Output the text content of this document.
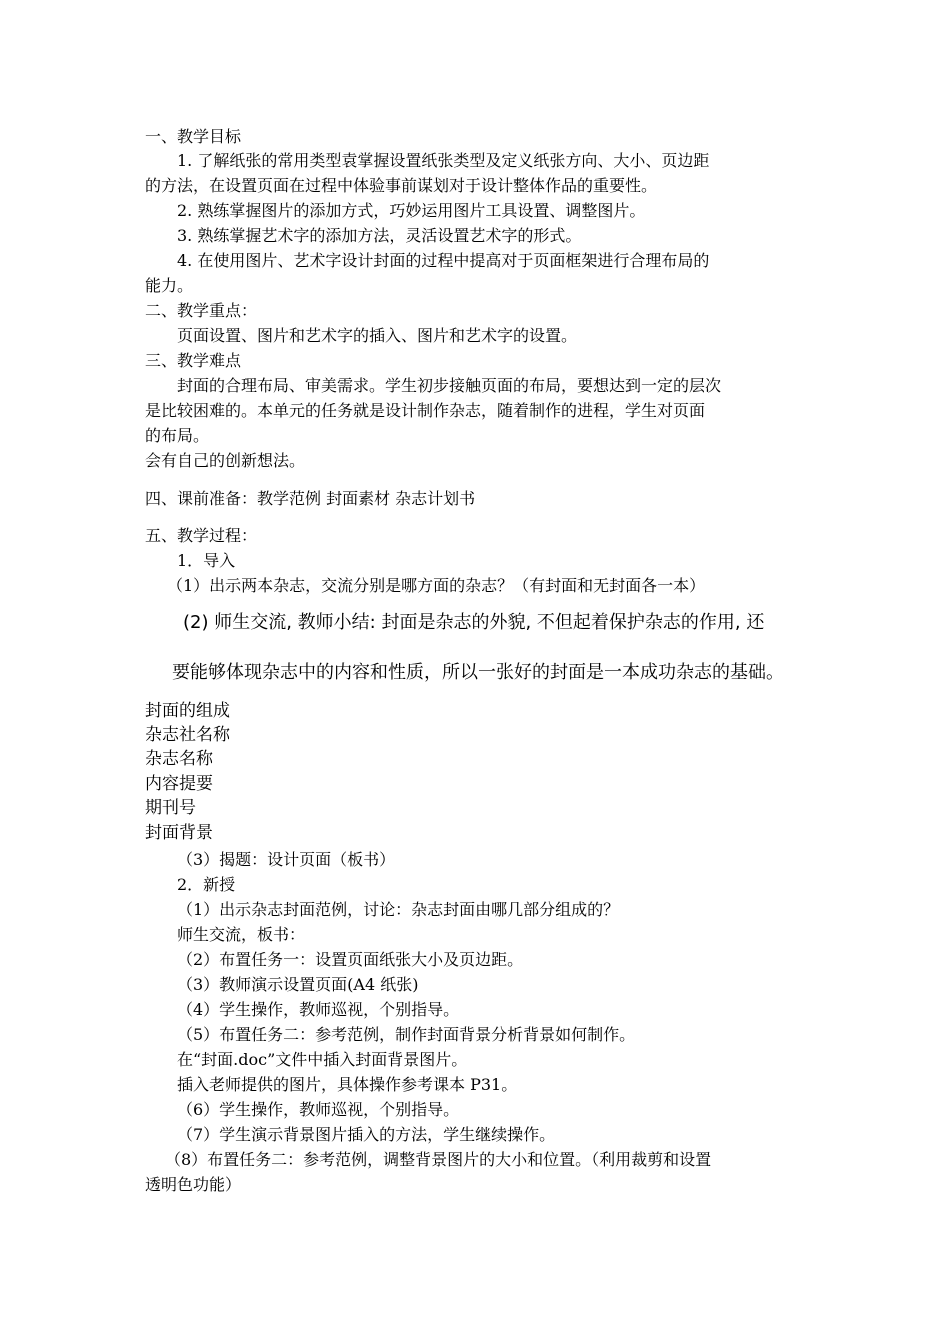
一、教学目标
1. 了解纸张的常用类型袁掌握设置纸张类型及定义纸张方向、大小、页边距
的方法，在设置页面在过程中体验事前谋划对于设计整体作品的重要性。
2. 熟练掌握图片的添加方式，巧妙运用图片工具设置、调整图片。
3. 熟练掌握艺术字的添加方法，灵活设置艺术字的形式。
4. 在使用图片、艺术字设计封面的过程中提高对于页面框架进行合理布局的
能力。
二、教学重点：
页面设置、图片和艺术字的插入、图片和艺术字的设置。
三、教学难点
封面的合理布局、审美需求。学生初步接触页面的布局，要想达到一定的层次
是比较困难的。本单元的任务就是设计制作杂志，随着制作的进程，学生对页面
的布局。
会有自己的创新想法。
四、课前准备：教学范例 封面素材 杂志计划书
五、教学过程：
1．导入
（1）出示两本杂志，交流分别是哪方面的杂志？（有封面和无封面各一本）
(2) 师生交流, 教师小结: 封面是杂志的外貌, 不但起着保护杂志的作用, 还
要能够体现杂志中的内容和性质，所以一张好的封面是一本成功杂志的基础。
封面的组成
杂志社名称
杂志名称
内容提要
期刊号
封面背景
（3）揭题：设计页面（板书）
2．新授
（1）出示杂志封面范例，讨论：杂志封面由哪几部分组成的？
师生交流，板书：
（2）布置任务一：设置页面纸张大小及页边距。
（3）教师演示设置页面(A4 纸张)
（4）学生操作，教师巡视，个别指导。
（5）布置任务二：参考范例，制作封面背景分析背景如何制作。
在“封面.doc”文件中插入封面背景图片。
插入老师提供的图片，具体操作参考课本 P31。
（6）学生操作，教师巡视，个别指导。
（7）学生演示背景图片插入的方法，学生继续操作。
（8）布置任务二：参考范例，调整背景图片的大小和位置。（利用裁剪和设置
透明色功能）
